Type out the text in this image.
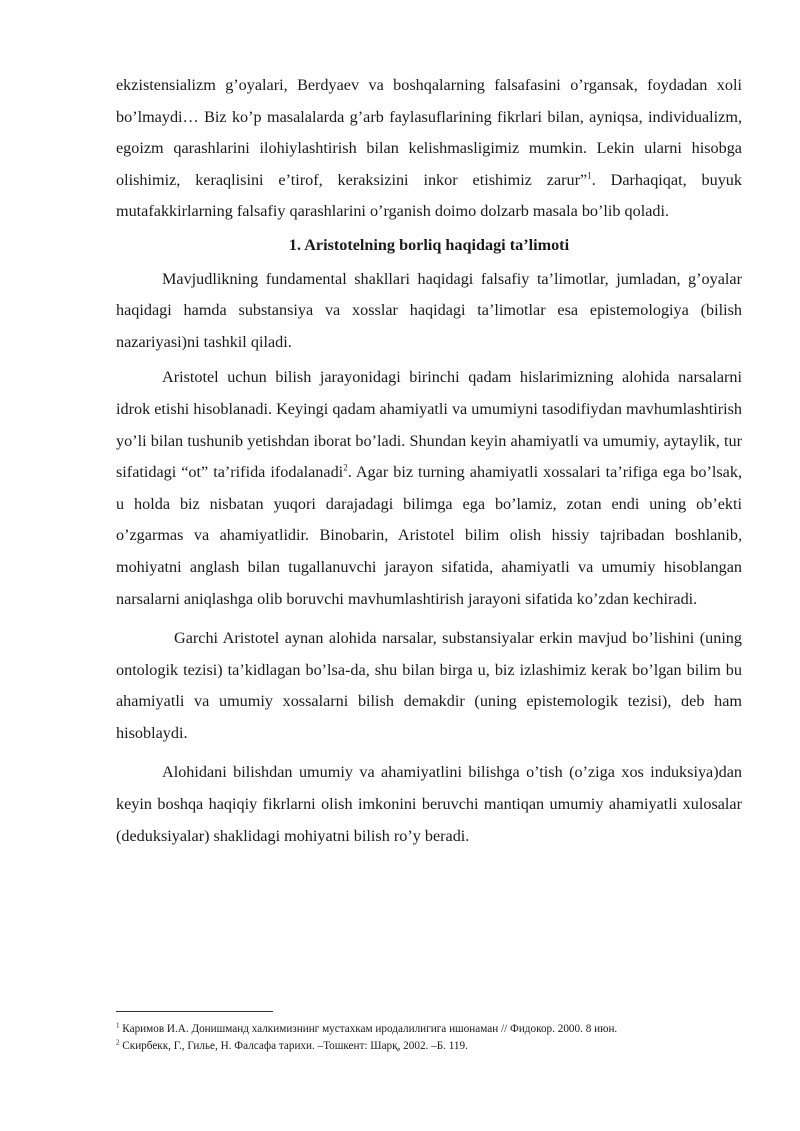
ekzistensializm g’oyalari, Berdyaev va boshqalarning falsafasini o’rgansak, foydadan xoli bo’lmaydi… Biz ko’p masalalarda g’arb faylasuflarining fikrlari bilan, ayniqsa, individualizm, egoizm qarashlarini ilohiylashtirish bilan kelishmasligimiz mumkin. Lekin ularni hisobga olishimiz, keraqlisini e’tirof, keraksizini inkor etishimiz zarur”$^1$. Darhaqiqat, buyuk mutafakkirlarning falsafiy qarashlarini o’rganish doimo dolzarb masala bo’lib qoladi.

1. Aristotelning borliq haqidagi ta’limoti

Mavjudlikning fundamental shakllari haqidagi falsafiy ta’limotlar, jumladan, g’oyalar haqidagi hamda substansiya va xosslar haqidagi ta’limotlar esa epistemologiya (bilish nazariyasi)ni tashkil qiladi.

Aristotel uchun bilish jarayonidagi birinchi qadam hislarimizning alohida narsalarni idrok etishi hisoblanadi. Keyingi qadam ahamiyatli va umumiyni tasodifiydan mavhumlashtirish yo’li bilan tushunib yetishdan iborat bo’ladi. Shundan keyin ahamiyatli va umumiy, aytaylik, tur sifatidagi “ot” ta’rifida ifodalanadi$^2$. Agar biz turning ahamiyatli xossalari ta’rifiga ega bo’lsak, u holda biz nisbatan yuqori darajadagi bilimga ega bo’lamiz, zotan endi uning ob’ekti o’zgarmas va ahamiyatlidir. Binobarin, Aristotel bilim olish hissiy tajribadan boshlanib, mohiyatni anglash bilan tugallanuvchi jarayon sifatida, ahamiyatli va umumiy hisoblangan narsalarni aniqlashga olib boruvchi mavhumlashtirish jarayoni sifatida ko’zdan kechiradi.

Garchi Aristotel aynan alohida narsalar, substansiyalar erkin mavjud bo’lishini (uning ontologik tezisi) ta’kidlagan bo’lsa-da, shu bilan birga u, biz izlashimiz kerak bo’lgan bilim bu ahamiyatli va umumiy xossalarni bilish demakdir (uning epistemologik tezisi), deb ham hisoblaydi.

Alohidani bilishdan umumiy va ahamiyatlini bilishga o’tish (o’ziga xos induksiya)dan keyin boshqa haqiqiy fikrlarni olish imkonini beruvchi mantiqan umumiy ahamiyatli xulosalar (deduksiyalar) shaklidagi mohiyatni bilish ro’y beradi.

$^1$ Каримов И.А. Донишманд халкимизнинг мустахкам иродалилигига ишонаман // Фидокор. 2000. 8 июн.
$^2$ Скирбекк, Г., Гилье, Н. Фалсафа тарихи. –Тошкент: Шарқ, 2002. –Б. 119.
